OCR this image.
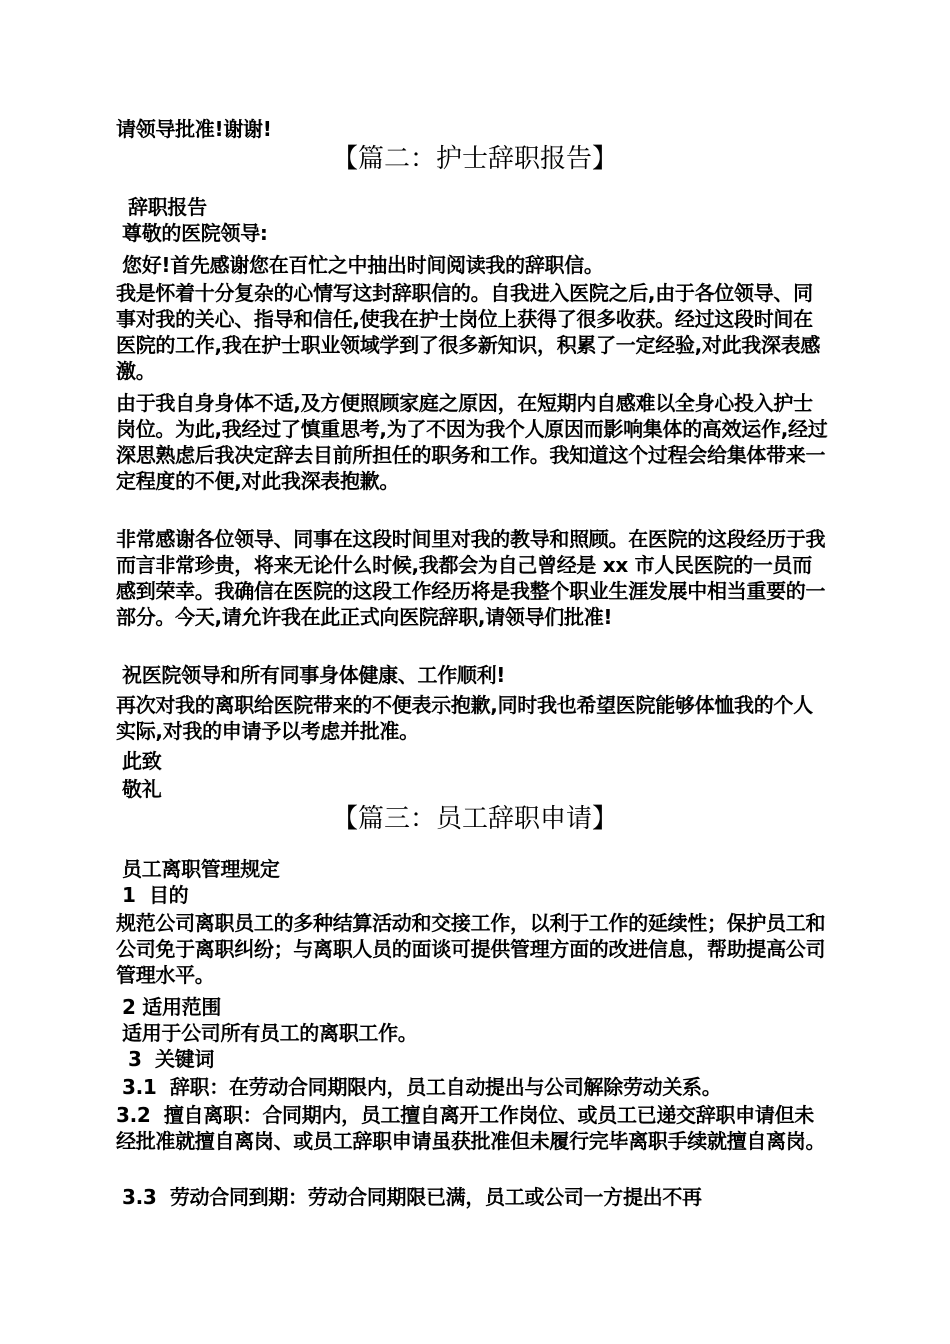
请领导批准!谢谢!

【篇二：护士辞职报告】

辞职报告

尊敬的医院领导:

您好!首先感谢您在百忙之中抽出时间阅读我的辞职信。

我是怀着十分复杂的心情写这封辞职信的。自我进入医院之后,由于各位领导、同事对我的关心、指导和信任,使我在护士岗位上获得了很多收获。经过这段时间在医院的工作,我在护士职业领域学到了很多新知识，积累了一定经验,对此我深表感激。

由于我自身身体不适,及方便照顾家庭之原因，在短期内自感难以全身心投入护士岗位。为此,我经过了慎重思考,为了不因为我个人原因而影响集体的高效运作,经过深思熟虑后我决定辞去目前所担任的职务和工作。我知道这个过程会给集体带来一定程度的不便,对此我深表抱歉。

非常感谢各位领导、同事在这段时间里对我的教导和照顾。在医院的这段经历于我而言非常珍贵，将来无论什么时候,我都会为自己曾经是 xx 市人民医院的一员而感到荣幸。我确信在医院的这段工作经历将是我整个职业生涯发展中相当重要的一部分。今天,请允许我在此正式向医院辞职,请领导们批准!

祝医院领导和所有同事身体健康、工作顺利!

再次对我的离职给医院带来的不便表示抱歉,同时我也希望医院能够体恤我的个人实际,对我的申请予以考虑并批准。

此致

敬礼

【篇三：员工辞职申请】

员工离职管理规定

1  目的

规范公司离职员工的多种结算活动和交接工作，以利于工作的延续性；保护员工和公司免于离职纠纷；与离职人员的面谈可提供管理方面的改进信息，帮助提高公司管理水平。

2 适用范围

适用于公司所有员工的离职工作。

3  关键词

3.1  辞职：在劳动合同期限内，员工自动提出与公司解除劳动关系。

3.2  擅自离职：合同期内，员工擅自离开工作岗位、或员工已递交辞职申请但未经批准就擅自离岗、或员工辞职申请虽获批准但未履行完毕离职手续就擅自离岗。

3.3  劳动合同到期：劳动合同期限已满，员工或公司一方提出不再
